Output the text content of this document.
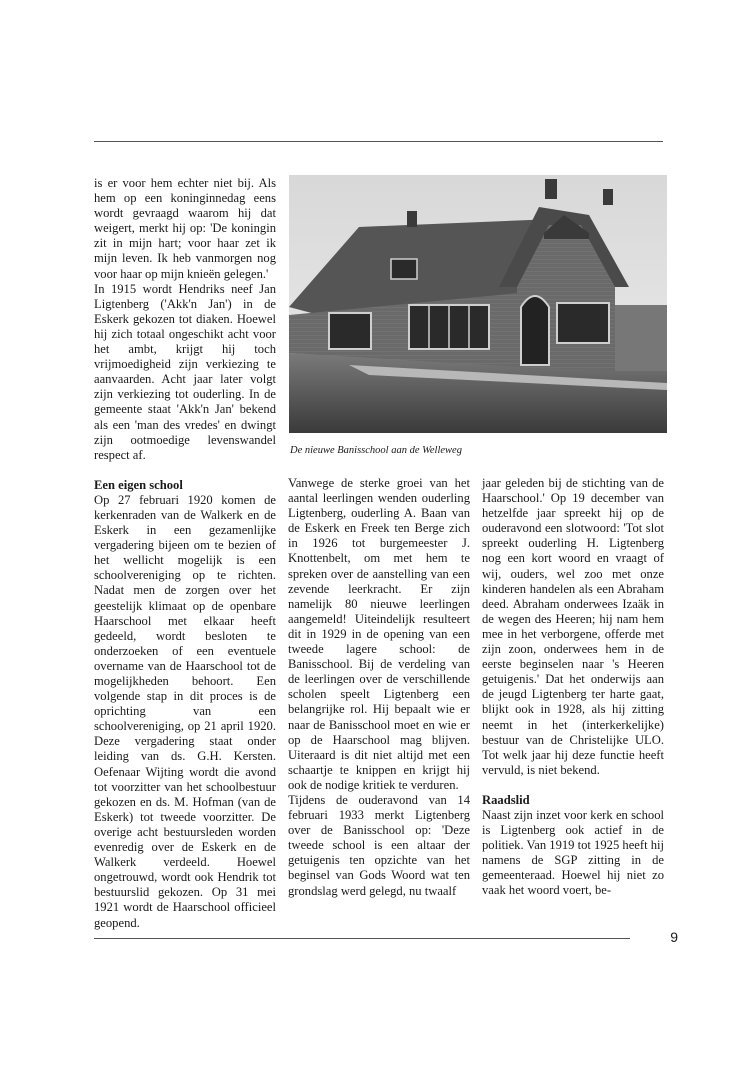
is er voor hem echter niet bij. Als hem op een koninginnedag eens wordt gevraagd waarom hij dat weigert, merkt hij op: 'De koningin zit in mijn hart; voor haar zet ik mijn leven. Ik heb vanmorgen nog voor haar op mijn knieën gelegen.'

In 1915 wordt Hendriks neef Jan Ligtenberg ('Akk'n Jan') in de Eskerk gekozen tot diaken. Hoewel hij zich totaal ongeschikt acht voor het ambt, krijgt hij toch vrijmoedigheid zijn verkiezing te aanvaarden. Acht jaar later volgt zijn verkiezing tot ouderling. In de gemeente staat 'Akk'n Jan' bekend als een 'man des vredes' en dwingt zijn ootmoedige levenswandel respect af.

Een eigen school

Op 27 februari 1920 komen de kerkenraden van de Walkerk en de Eskerk in een gezamenlijke vergadering bijeen om te bezien of het wellicht mogelijk is een schoolvereniging op te richten. Nadat men de zorgen over het geestelijk klimaat op de openbare Haarschool met elkaar heeft gedeeld, wordt besloten te onderzoeken of een eventuele overname van de Haarschool tot de mogelijkheden behoort. Een volgende stap in dit proces is de oprichting van een schoolvereniging, op 21 april 1920. Deze vergadering staat onder leiding van ds. G.H. Kersten. Oefenaar Wijting wordt die avond tot voorzitter van het schoolbestuur gekozen en ds. M. Hofman (van de Eskerk) tot tweede voorzitter. De overige acht bestuursleden worden evenredig over de Eskerk en de Walkerk verdeeld. Hoewel ongetrouwd, wordt ook Hendrik tot bestuurslid gekozen. Op 31 mei 1921 wordt de Haarschool officieel geopend.

De nieuwe Banisschool aan de Welleweg

Vanwege de sterke groei van het aantal leerlingen wenden ouderling Ligtenberg, ouderling A. Baan van de Eskerk en Freek ten Berge zich in 1926 tot burgemeester J. Knottenbelt, om met hem te spreken over de aanstelling van een zevende leerkracht. Er zijn namelijk 80 nieuwe leerlingen aangemeld! Uiteindelijk resulteert dit in 1929 in de opening van een tweede lagere school: de Banisschool. Bij de verdeling van de leerlingen over de verschillende scholen speelt Ligtenberg een belangrijke rol. Hij bepaalt wie er naar de Banisschool moet en wie er op de Haarschool mag blijven. Uiteraard is dit niet altijd met een schaartje te knippen en krijgt hij ook de nodige kritiek te verduren.

Tijdens de ouderavond van 14 februari 1933 merkt Ligtenberg over de Banisschool op: 'Deze tweede school is een altaar der getuigenis ten opzichte van het beginsel van Gods Woord wat ten grondslag werd gelegd, nu twaalf

jaar geleden bij de stichting van de Haarschool.' Op 19 december van hetzelfde jaar spreekt hij op de ouderavond een slotwoord: 'Tot slot spreekt ouderling H. Ligtenberg nog een kort woord en vraagt of wij, ouders, wel zoo met onze kinderen handelen als een Abraham deed. Abraham onderwees Izaäk in de wegen des Heeren; hij nam hem mee in het verborgene, offerde met zijn zoon, onderwees hem in de eerste beginselen naar 's Heeren getuigenis.' Dat het onderwijs aan de jeugd Ligtenberg ter harte gaat, blijkt ook in 1928, als hij zitting neemt in het (interkerkelijke) bestuur van de Christelijke ULO. Tot welk jaar hij deze functie heeft vervuld, is niet bekend.

Raadslid

Naast zijn inzet voor kerk en school is Ligtenberg ook actief in de politiek. Van 1919 tot 1925 heeft hij namens de SGP zitting in de gemeenteraad. Hoewel hij niet zo vaak het woord voert, be-

9
